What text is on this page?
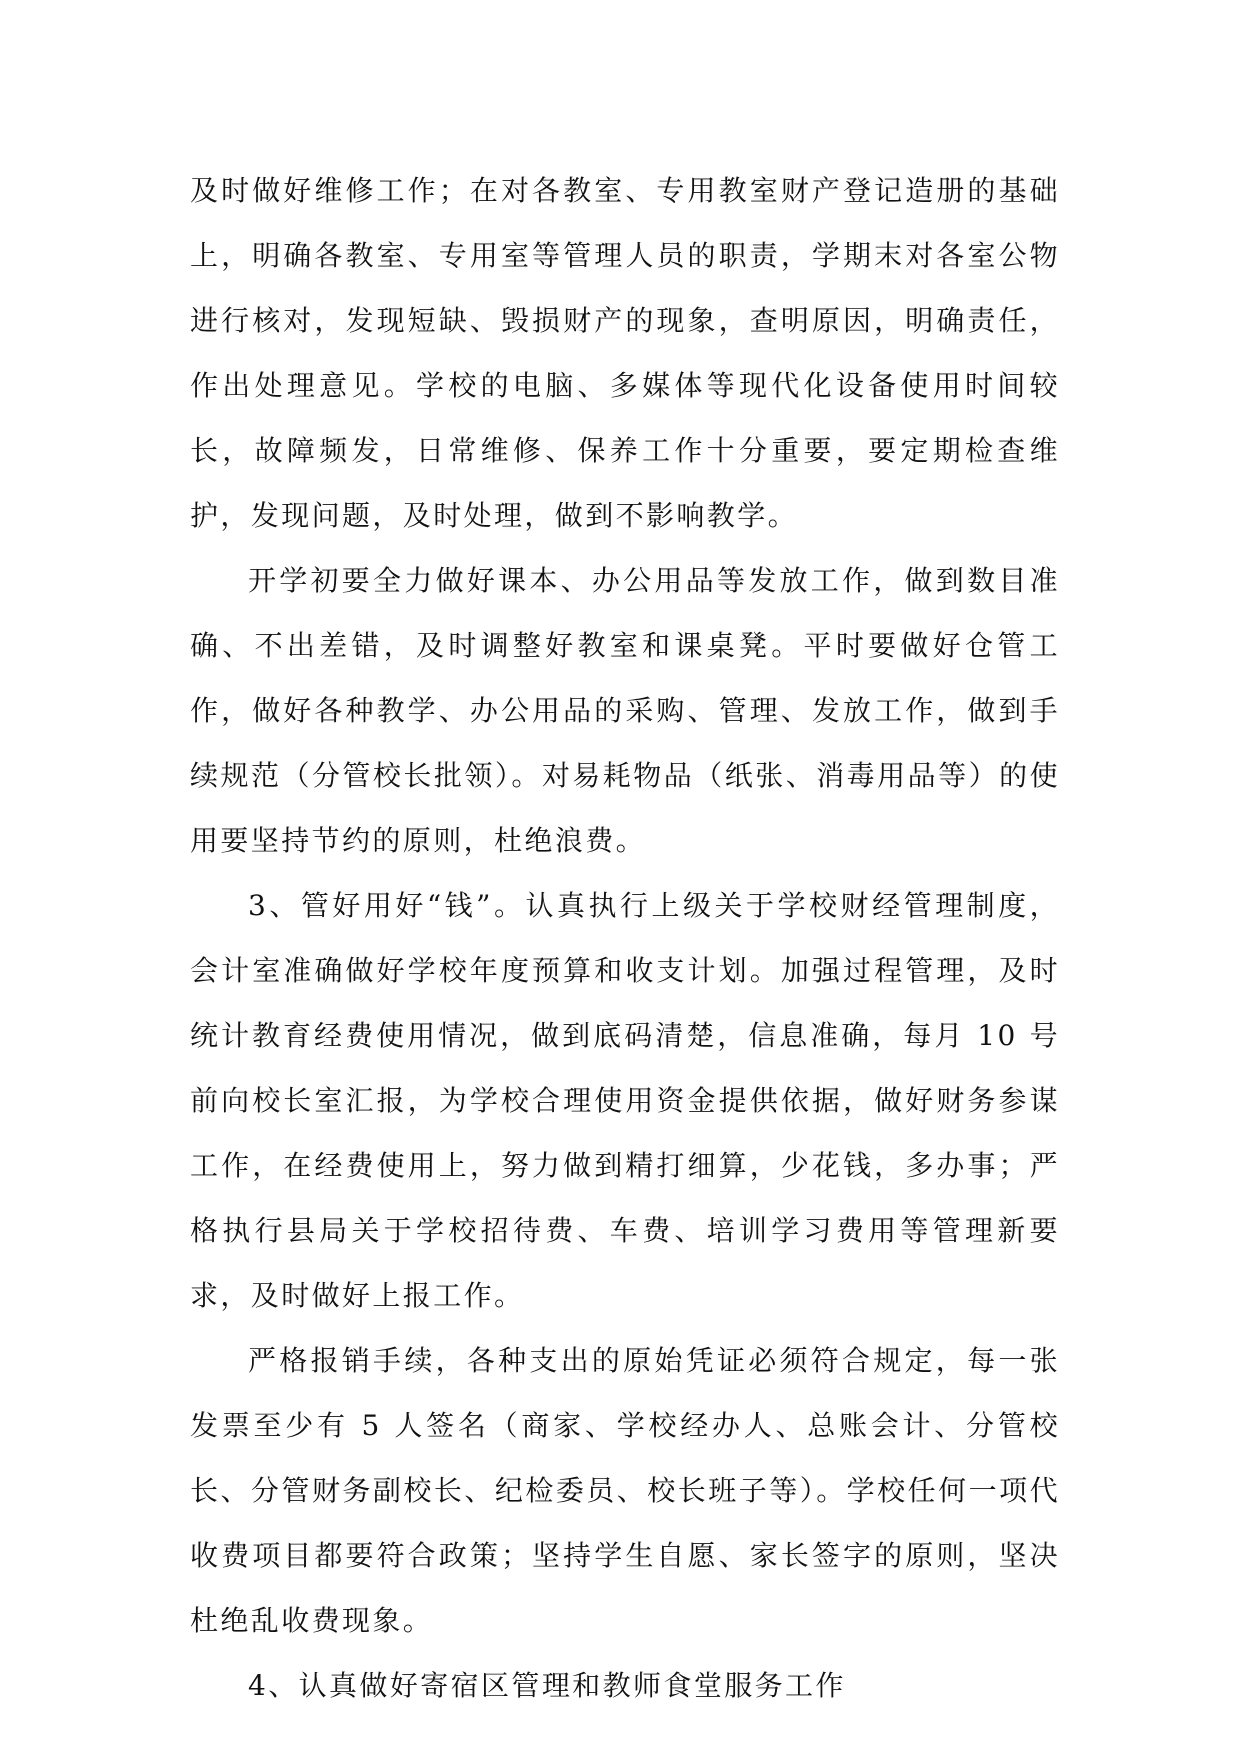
及时做好维修工作；在对各教室、专用教室财产登记造册的基础上，明确各教室、专用室等管理人员的职责，学期末对各室公物进行核对，发现短缺、毁损财产的现象，查明原因，明确责任，作出处理意见。学校的电脑、多媒体等现代化设备使用时间较长，故障频发，日常维修、保养工作十分重要，要定期检查维护，发现问题，及时处理，做到不影响教学。

开学初要全力做好课本、办公用品等发放工作，做到数目准确、不出差错，及时调整好教室和课桌凳。平时要做好仓管工作，做好各种教学、办公用品的采购、管理、发放工作，做到手续规范（分管校长批领）。对易耗物品（纸张、消毒用品等）的使用要坚持节约的原则，杜绝浪费。

3、管好用好“钱”。认真执行上级关于学校财经管理制度，会计室准确做好学校年度预算和收支计划。加强过程管理，及时统计教育经费使用情况，做到底码清楚，信息准确，每月 10 号前向校长室汇报，为学校合理使用资金提供依据，做好财务参谋工作，在经费使用上，努力做到精打细算，少花钱，多办事；严格执行县局关于学校招待费、车费、培训学习费用等管理新要求，及时做好上报工作。

严格报销手续，各种支出的原始凭证必须符合规定，每一张发票至少有 5 人签名（商家、学校经办人、总账会计、分管校长、分管财务副校长、纪检委员、校长班子等）。学校任何一项代收费项目都要符合政策；坚持学生自愿、家长签字的原则，坚决杜绝乱收费现象。

4、认真做好寄宿区管理和教师食堂服务工作
